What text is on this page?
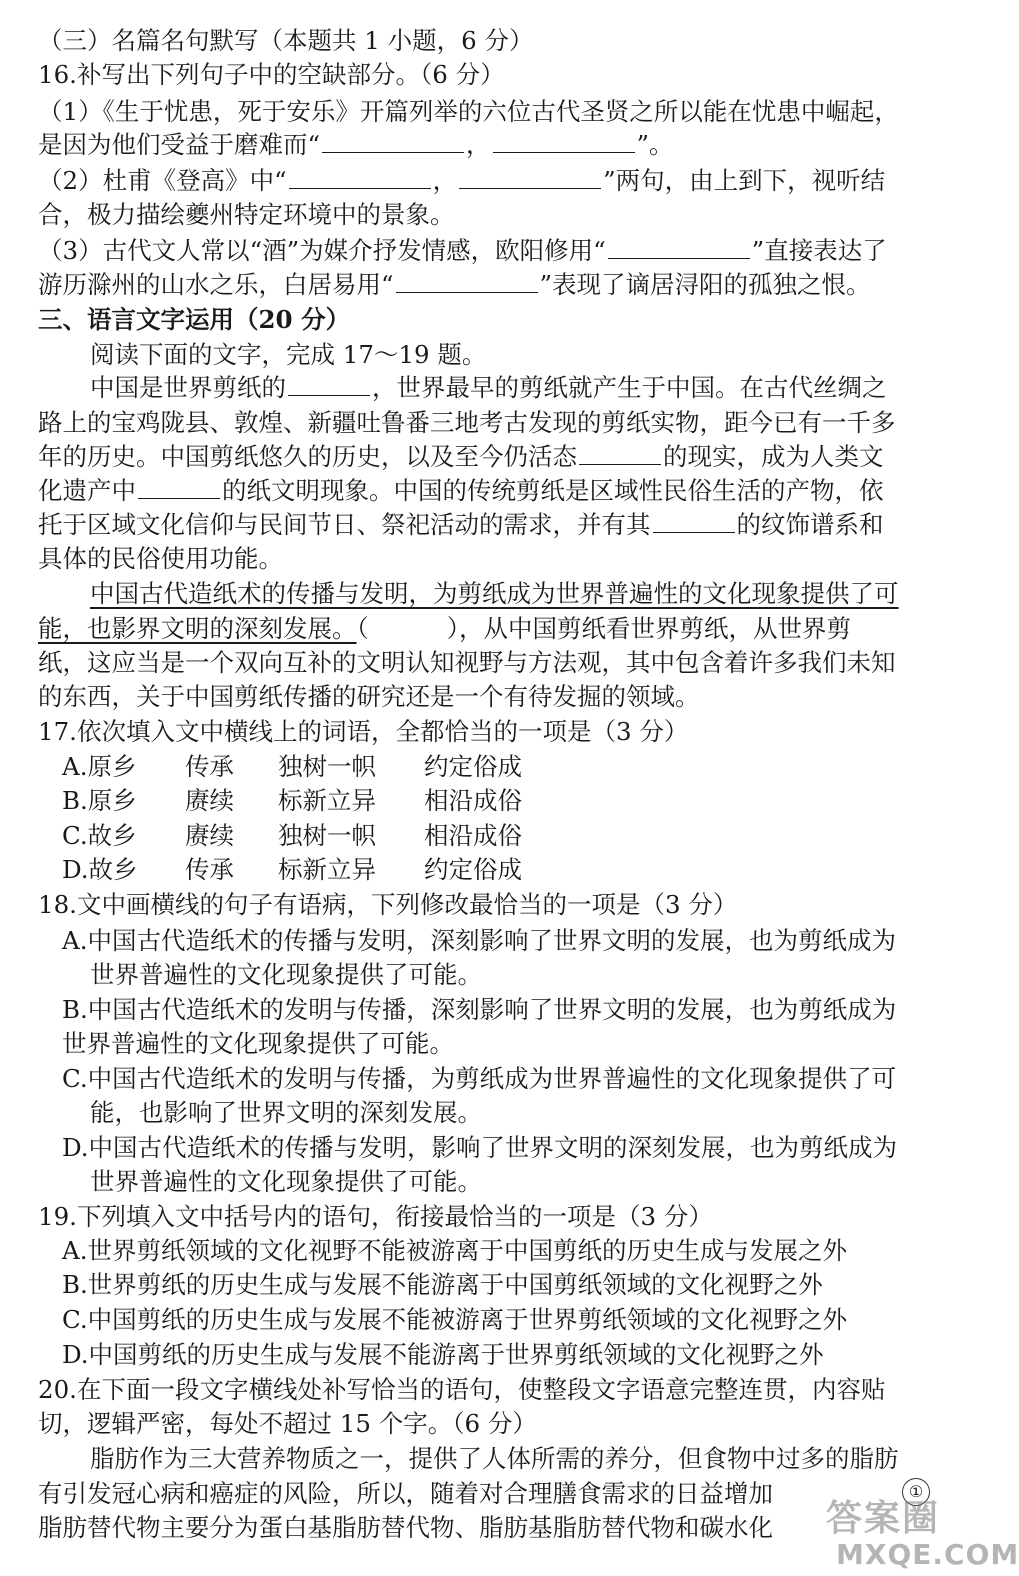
（三）名篇名句默写（本题共 1 小题，6 分）
16.补写出下列句子中的空缺部分。（6 分）
（1）《生于忧患，死于安乐》开篇列举的六位古代圣贤之所以能在忧患中崛起，
是因为他们受益于磨难而“	，	”。
（2）杜甫《登高》中“	，	”两句，由上到下，视听结
合，极力描绘夔州特定环境中的景象。
（3）古代文人常以“酒”为媒介抒发情感，欧阳修用“	”直接表达了
游历滁州的山水之乐，白居易用“	”表现了谪居浔阳的孤独之恨。
三、语言文字运用（20 分）
阅读下面的文字，完成 17～19 题。
中国是世界剪纸的	，世界最早的剪纸就产生于中国。在古代丝绸之
路上的宝鸡陇县、敦煌、新疆吐鲁番三地考古发现的剪纸实物，距今已有一千多
年的历史。中国剪纸悠久的历史，以及至今仍活态	的现实，成为人类文
化遗产中	的纸文明现象。中国的传统剪纸是区域性民俗生活的产物，依
托于区域文化信仰与民间节日、祭祀活动的需求，并有其	的纹饰谱系和
具体的民俗使用功能。
中国古代造纸术的传播与发明，为剪纸成为世界普遍性的文化现象提供了可
能，也影界文明的深刻发展。（	），从中国剪纸看世界剪纸，从世界剪
纸，这应当是一个双向互补的文明认知视野与方法观，其中包含着许多我们未知
的东西，关于中国剪纸传播的研究还是一个有待发掘的领域。
17.依次填入文中横线上的词语，全都恰当的一项是（3 分）
A.原乡 传承 独树一帜 约定俗成
B.原乡 赓续 标新立异 相沿成俗
C.故乡 赓续 独树一帜 相沿成俗
D.故乡 传承 标新立异 约定俗成
18.文中画横线的句子有语病，下列修改最恰当的一项是（3 分）
A.中国古代造纸术的传播与发明，深刻影响了世界文明的发展，也为剪纸成为
世界普遍性的文化现象提供了可能。
B.中国古代造纸术的发明与传播，深刻影响了世界文明的发展，也为剪纸成为
世界普遍性的文化现象提供了可能。
C.中国古代造纸术的发明与传播，为剪纸成为世界普遍性的文化现象提供了可
能，也影响了世界文明的深刻发展。
D.中国古代造纸术的传播与发明，影响了世界文明的深刻发展，也为剪纸成为
世界普遍性的文化现象提供了可能。
19.下列填入文中括号内的语句，衔接最恰当的一项是（3 分）
A.世界剪纸领域的文化视野不能被游离于中国剪纸的历史生成与发展之外
B.世界剪纸的历史生成与发展不能游离于中国剪纸领域的文化视野之外
C.中国剪纸的历史生成与发展不能被游离于世界剪纸领域的文化视野之外
D.中国剪纸的历史生成与发展不能游离于世界剪纸领域的文化视野之外
20.在下面一段文字横线处补写恰当的语句，使整段文字语意完整连贯，内容贴
切，逻辑严密，每处不超过 15 个字。（6 分）
脂肪作为三大营养物质之一，提供了人体所需的养分，但食物中过多的脂肪
有引发冠心病和癌症的风险，所以，随着对合理膳食需求的日益增加
脂肪替代物主要分为蛋白基脂肪替代物、脂肪基脂肪替代物和碳水化
①
答案圈
MXQE.COM
